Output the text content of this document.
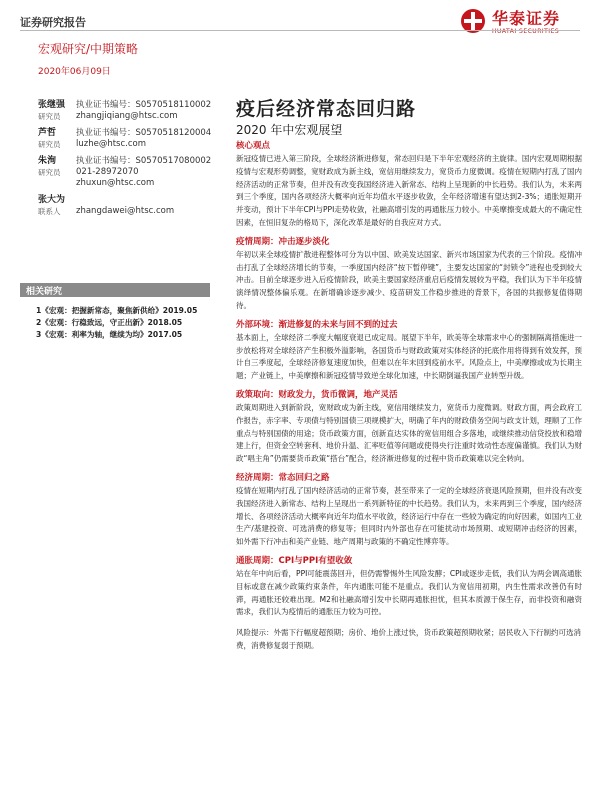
证券研究报告	华泰证券
HUATAI SECURITIES
宏观研究/中期策略
2020年06月09日
张继强	执业证书编号：S0570518110002
研究员	zhangjiqiang@htsc.com
芦哲	执业证书编号：S0570518120004
研究员	luzhe@htsc.com
朱洵	执业证书编号：S0570517080002
研究员	021-28972070
zhuxun@htsc.com
张大为
联系人	zhangdawei@htsc.com
相关研究
1《宏观：把握新常态，聚焦新供给》2019.05
2《宏观：行稳致远，守正出新》2018.05
3《宏观：利率为轴，继续为均》2017.05
疫后经济常态回归路
2020 年中宏观展望
核心观点
新冠疫情已进入第三阶段，全球经济渐进修复，常态回归是下半年宏观经济的主旋律。国内宏观周期根据疫情与宏观形势调整，宽财政成为新主线，宽信用继续发力，宽货币力度微调。疫情在短期内打乱了国内经济活动的正常节奏，但并没有改变我国经济进入新常态、结构上呈现新的中长趋势。我们认为，未来两到三个季度，国内各项经济大概率向近年均值水平逐步收敛，全年经济增速有望达到2-3%；通胀短期开并变动，预计下半年CPI与PPI走势收敛，社融高增引发的再通胀压力较小。中美摩擦变成最大的不确定性因素，在恒旧复杂的格局下，深化改革是最好的自我应对方式。
疫情周期：冲击逐步淡化
年初以来全球疫情扩散进程整体可分为以中国、欧美发达国家、新兴市场国家为代表的三个阶段。疫情冲击打乱了全球经济增长的节奏，一季度国内经济“按下暂停键”，主要发达国家的“封锁令”进程也受到较大冲击。目前全球逐步进入后疫情阶段，欧美主要国家经济重启后疫情发展较为平稳，我们认为下半年疫情演绎情况整体偏乐观。在新增确诊逐步减少、疫苗研发工作稳步推进的背景下，各国的共振修复值得期待。
外部环境：渐进修复的未来与回不到的过去
基本面上，全球经济二季度大幅度衰退已成定局。展望下半年，欧美等全球需求中心的强制隔离措施进一步放松将对全球经济产生积极外溢影响，各国货币与财政政策对实体经济的托底作用将得到有效发挥，预计自三季度起，全球经济修复速度加快，但难以在年末回到疫前水平。风险点上，中美摩擦或成为长期主题；产业链上，中美摩擦和新冠疫情导致逆全球化加速，中长期倒逼我国产业转型升级。
政策取向：财政发力，货币微调，地产灵活
政策周期进入到新阶段，宽财政成为新主线，宽信用继续发力，宽货币力度微调。财政方面，两会政府工作报告，赤字率、专项债与特别国债三项规模扩大，明确了年内的财政债务空间与政支计划，理顺了工作重点与特别国债的用途；货币政策方面，创新直达实体的宽信用组合多落地，或继续推动信贷投放和稳增建上行，但资金空转套利、地价升温、汇率贬值等问题或使得央行注重时效动性态度偏谨慎。我们认为财政“唱主角”仍需要货币政策“搭台”配合，经济渐进修复的过程中货币政策难以完全转向。
经济周期：常态回归之路
疫情在短期内打乱了国内经济活动的正常节奏，甚至带来了一定的全球经济衰退风险预期，但并没有改变我国经济进入新常态、结构上呈现出一系列新特征的中长趋势。我们认为，未来两到三个季度，国内经济增长、各项经济活动大概率向近年均值水平收敛，经济运行中存在一些较为确定的向好因素，如国内工业生产/基建投资、可选消费的修复等；但同时内外部也存在可能扰动市场预期、或短期冲击经济的因素，如外需下行冲击和美产业链、地产周期与政策的不确定性博弈等。
通胀周期：CPI与PPI有望收敛
站在年中向后看，PPI可能震荡回升，但仍需警惕外生风险发酵；CPI或逐步走低，我们认为两会调高通胀目标或意在减少政策约束条件，年内通胀可能不是重点。我们认为宽信用初期，内生性需求改善仍有时滞，再通胀还较难出现。M2和社融高增引发中长期再通胀担忧，但其本质源于保生存，而非投资和融资需求，我们认为疫情后的通胀压力较为可控。
风险提示：外需下行幅度超预期；房价、地价上涨过快，货币政策超预期收紧；居民收入下行制约可选消费，消费修复弱于预期。
